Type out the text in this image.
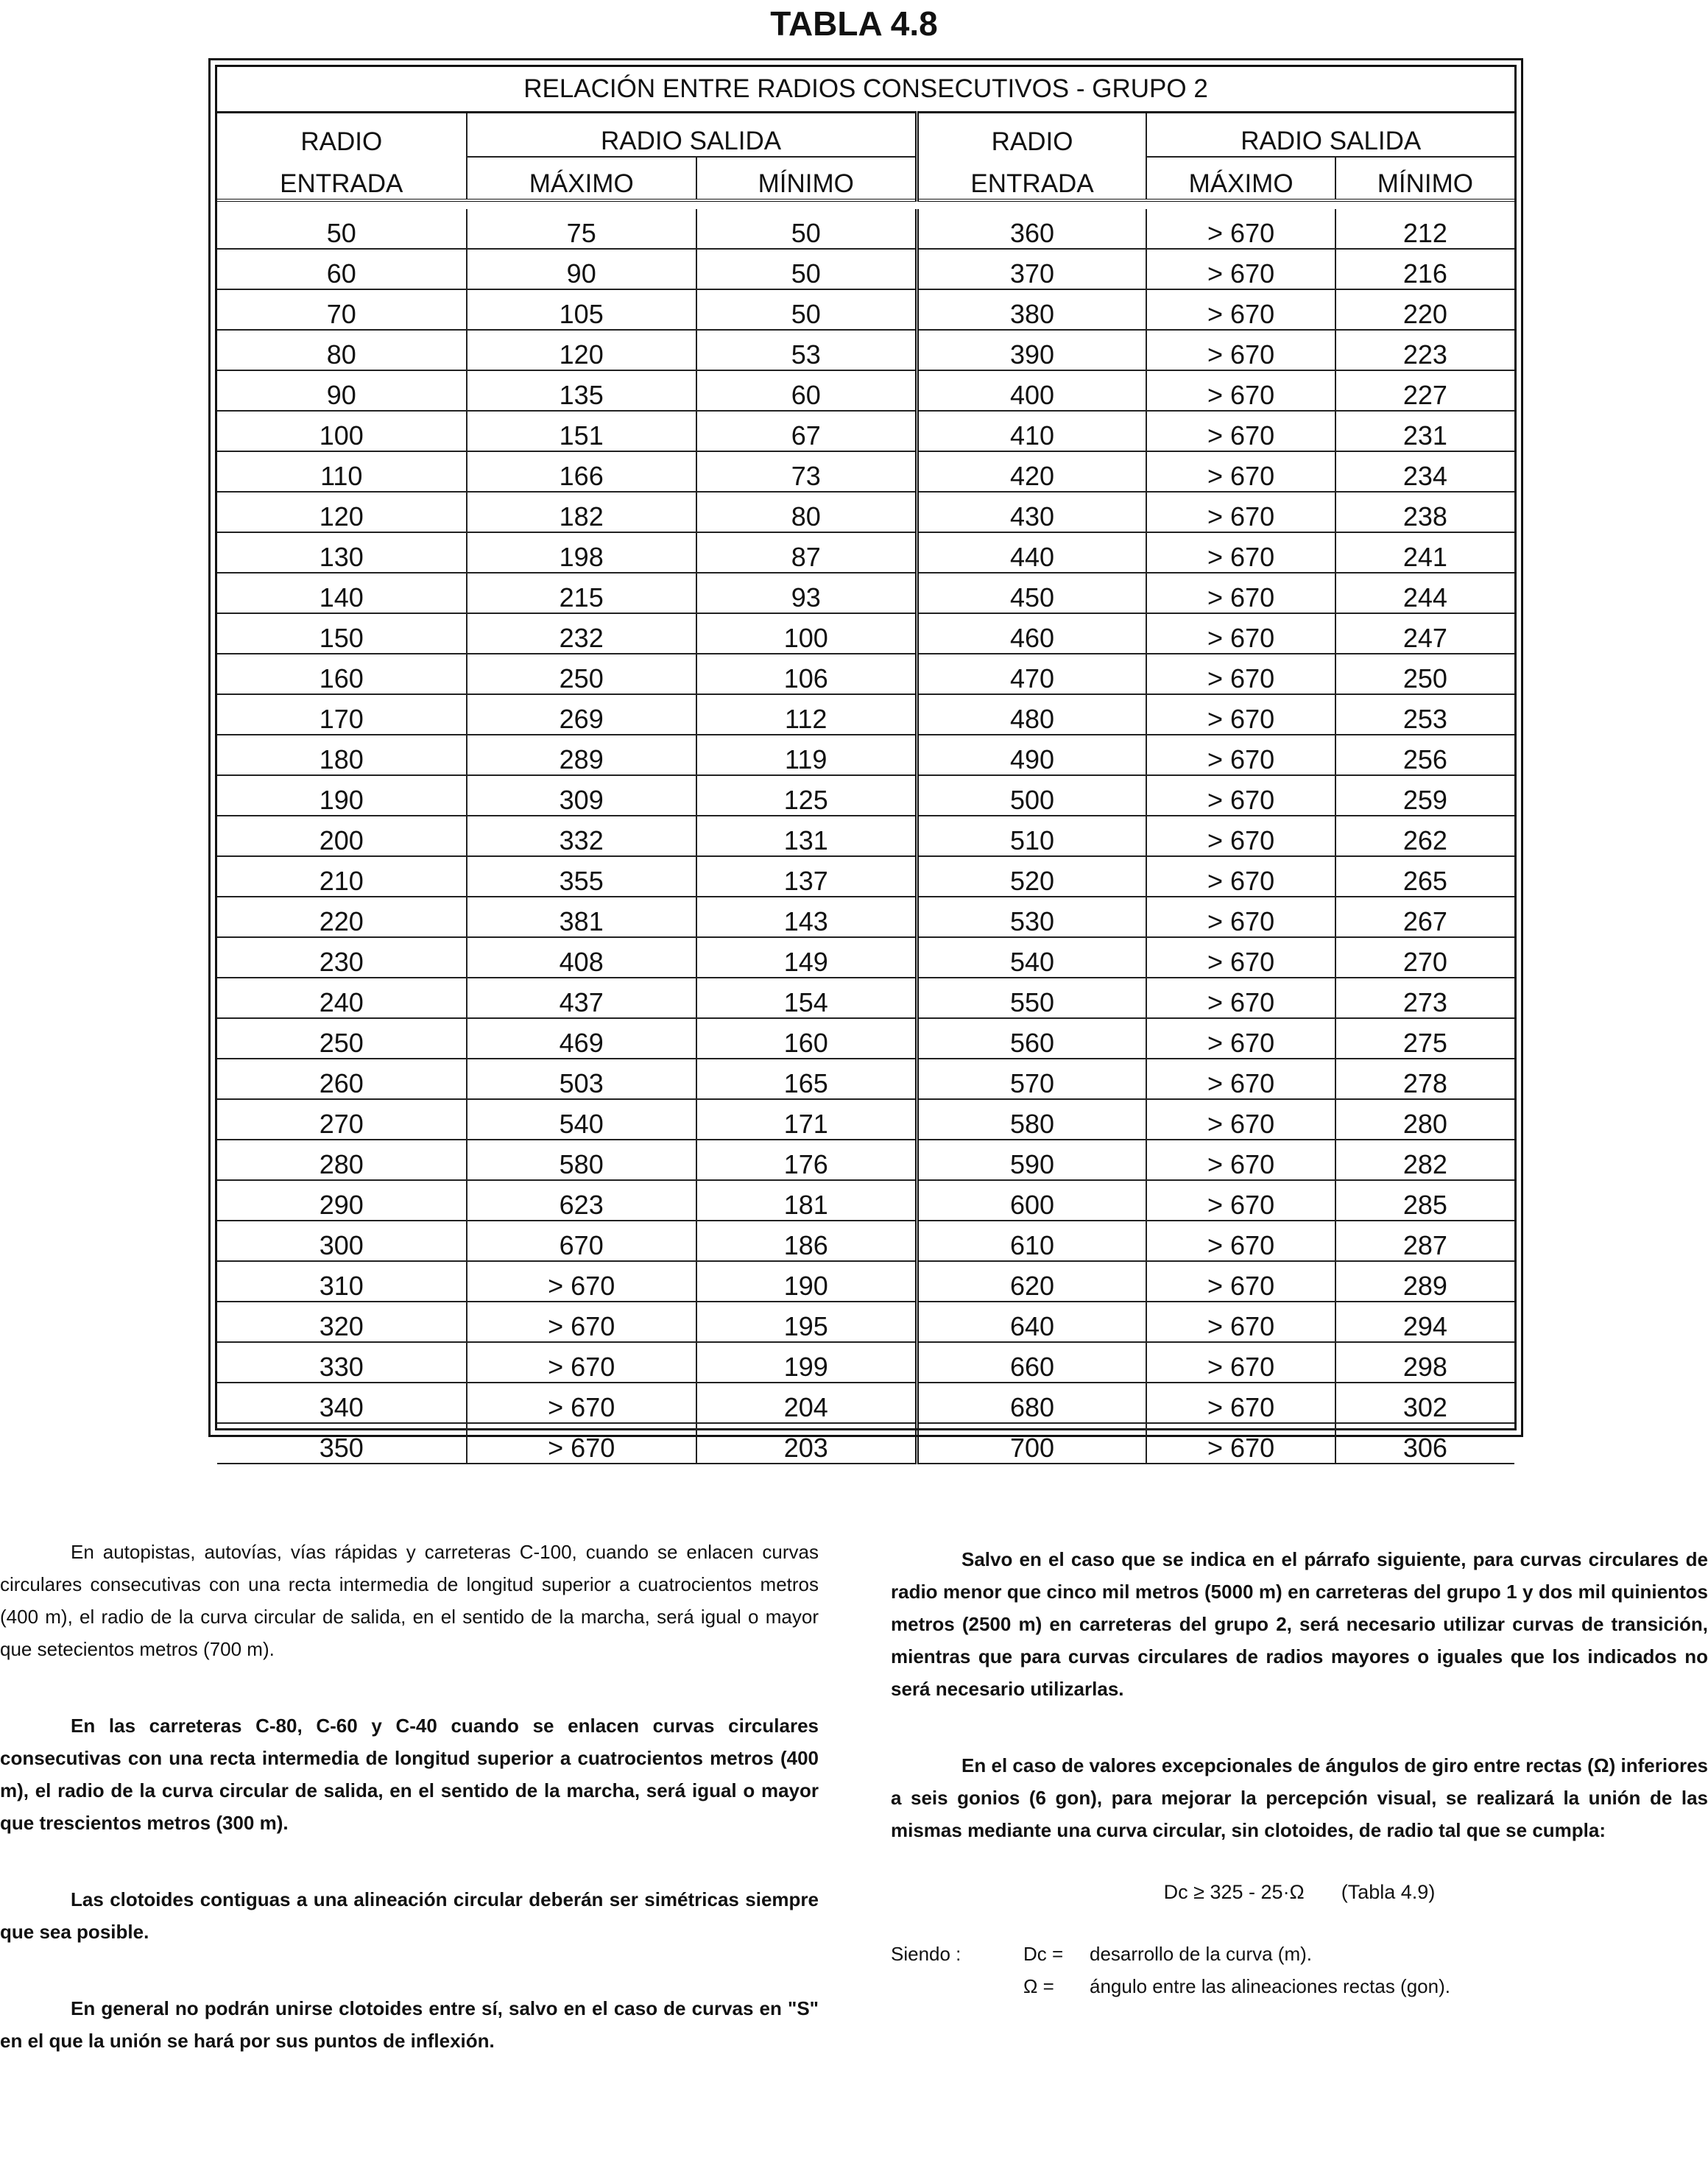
TABLA 4.8
RELACIÓN ENTRE RADIOS CONSECUTIVOS - GRUPO 2					
RADIO	RADIO SALIDA		RADIO	RADIO SALIDA	
ENTRADA	MÁXIMO	MÍNIMO	ENTRADA	MÁXIMO	MÍNIMO

50	75	50	360	> 670	212
60	90	50	370	> 670	216
70	105	50	380	> 670	220
80	120	53	390	> 670	223
90	135	60	400	> 670	227
100	151	67	410	> 670	231
110	166	73	420	> 670	234
120	182	80	430	> 670	238
130	198	87	440	> 670	241
140	215	93	450	> 670	244
150	232	100	460	> 670	247
160	250	106	470	> 670	250
170	269	112	480	> 670	253
180	289	119	490	> 670	256
190	309	125	500	> 670	259
200	332	131	510	> 670	262
210	355	137	520	> 670	265
220	381	143	530	> 670	267
230	408	149	540	> 670	270
240	437	154	550	> 670	273
250	469	160	560	> 670	275
260	503	165	570	> 670	278
270	540	171	580	> 670	280
280	580	176	590	> 670	282
290	623	181	600	> 670	285
300	670	186	610	> 670	287
310	> 670	190	620	> 670	289
320	> 670	195	640	> 670	294
330	> 670	199	660	> 670	298
340	> 670	204	680	> 670	302
350	> 670	203	700	> 670	306

En autopistas, autovías, vías rápidas y carreteras C-100, cuando se enlacen curvas circulares consecutivas con una recta intermedia de longitud superior a cuatrocientos metros (400 m), el radio de la curva circular de salida, en el sentido de la marcha, será igual o mayor que setecientos metros (700 m).

En las carreteras C-80, C-60 y C-40 cuando se enlacen curvas circulares consecutivas con una recta intermedia de longitud superior a cuatrocientos metros (400 m), el radio de la curva circular de salida, en el sentido de la marcha, será igual o mayor que trescientos metros (300 m).

Las clotoides contiguas a una alineación circular deberán ser simétricas siempre que sea posible.

En general no podrán unirse clotoides entre sí, salvo en el caso de curvas en "S" en el que la unión se hará por sus puntos de inflexión.

Salvo en el caso que se indica en el párrafo siguiente, para curvas circulares de radio menor que cinco mil metros (5000 m) en carreteras del grupo 1 y dos mil quinientos metros (2500 m) en carreteras del grupo 2, será necesario utilizar curvas de transición, mientras que para curvas circulares de radios mayores o iguales que los indicados no será necesario utilizarlas.

En el caso de valores excepcionales de ángulos de giro entre rectas (Ω) inferiores a seis gonios (6 gon), para mejorar la percepción visual, se realizará la unión de las mismas mediante una curva circular, sin clotoides, de radio tal que se cumpla:

Dc ≥ 325 - 25·Ω (Tabla 4.9)
Siendo :	Dc =	desarrollo de la curva (m).
Ω =	ángulo entre las alineaciones rectas (gon).
